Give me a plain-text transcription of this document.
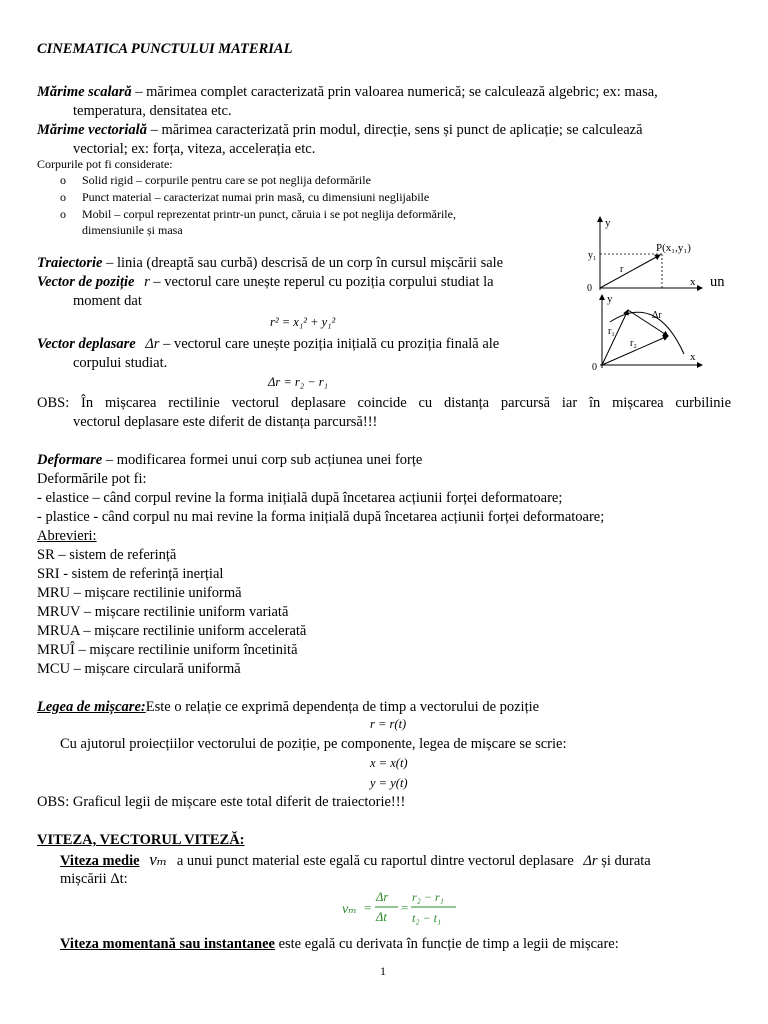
CINEMATICA PUNCTULUI MATERIAL
Mărime scalară – mărimea complet caracterizată prin valoarea numerică; se calculează algebric; ex: masa,
temperatura, densitatea etc.
Mărime vectorială – mărimea caracterizată prin modul, direcție, sens și punct de aplicație; se calculează
vectorial; ex: forța, viteza, accelerația etc.
Corpurile pot fi considerate:
o Solid rigid – corpurile pentru care se pot neglija deformările
o Punct material – caracterizat numai prin masă, cu dimensiuni neglijabile
o Mobil – corpul reprezentat printr-un punct, căruia i se pot neglija deformările,
dimensiunile și masa
Traiectorie – linia (dreaptă sau curbă) descrisă de un corp în cursul mișcării sale
Vector de poziție r – vectorul care unește reperul cu poziția corpului studiat la	un
moment dat
r² = x₁² + y₁²
Vector deplasare Δr – vectorul care unește poziția inițială cu proziția finală ale
corpului studiat.
Δr = r₂ − r₁
OBS: În mișcarea rectilinie vectorul deplasare coincide cu distanța parcursă iar în mișcarea curbilinie
vectorul deplasare este diferit de distanța parcursă!!!
Deformare – modificarea formei unui corp sub acțiunea unei forțe
Deformările pot fi:
- elastice – când corpul revine la forma inițială după încetarea acțiunii forței deformatoare;
- plastice - când corpul nu mai revine la forma inițială după încetarea acțiunii forței deformatoare;
Abrevieri:
SR – sistem de referință
SRI - sistem de referință inerțial
MRU – mișcare rectilinie uniformă
MRUV – mișcare rectilinie uniform variată
MRUA – mișcare rectilinie uniform accelerată
MRUÎ – mișcare rectilinie uniform încetinită
MCU – mișcare circulară uniformă
Legea de mișcare:Este o relație ce exprimă dependența de timp a vectorului de poziție
r = r(t)
Cu ajutorul proiecțiilor vectorului de poziție, pe componente, legea de mișcare se scrie:
x = x(t)
y = y(t)
OBS: Graficul legii de mișcare este total diferit de traiectorie!!!
VITEZA, VECTORUL VITEZĂ:
Viteza medie vₘ a unui punct material este egală cu raportul dintre vectorul deplasare Δr și durata
mișcării Δt:
vₘ =
Δr
Δt
=
r₂ − r₁
t₂ − t₁
Viteza momentană sau instantanee este egală cu derivata în funcție de timp a legii de mișcare:
1
y
x
0
y₁
r
P(x₁,y₁)
y
x
0
r₁
r₂
Δr
